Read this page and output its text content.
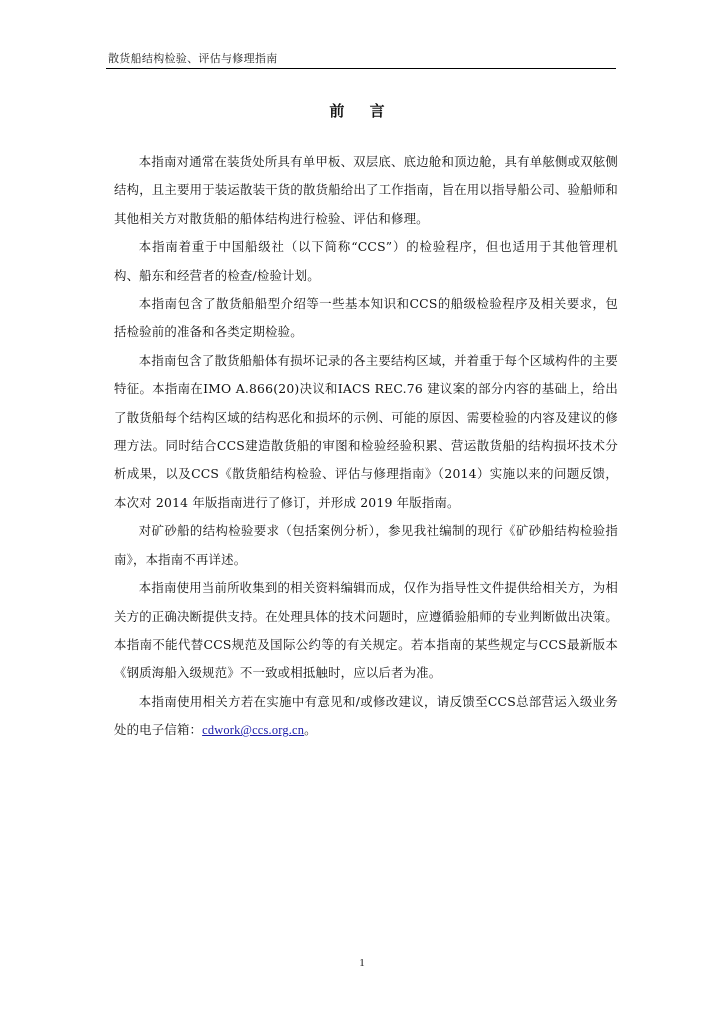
散货船结构检验、评估与修理指南
前 言

本指南对通常在装货处所具有单甲板、双层底、底边舱和顶边舱，具有单舷侧或双舷侧结构，且主要用于装运散装干货的散货船给出了工作指南，旨在用以指导船公司、验船师和其他相关方对散货船的船体结构进行检验、评估和修理。

本指南着重于中国船级社（以下简称“CCS”）的检验程序，但也适用于其他管理机构、船东和经营者的检查/检验计划。

本指南包含了散货船船型介绍等一些基本知识和CCS的船级检验程序及相关要求，包括检验前的准备和各类定期检验。

本指南包含了散货船船体有损坏记录的各主要结构区域，并着重于每个区域构件的主要特征。本指南在IMO A.866(20)决议和IACS REC.76 建议案的部分内容的基础上，给出了散货船每个结构区域的结构恶化和损坏的示例、可能的原因、需要检验的内容及建议的修理方法。同时结合CCS建造散货船的审图和检验经验积累、营运散货船的结构损坏技术分析成果，以及CCS《散货船结构检验、评估与修理指南》（2014）实施以来的问题反馈，本次对 2014 年版指南进行了修订，并形成 2019 年版指南。

对矿砂船的结构检验要求（包括案例分析），参见我社编制的现行《矿砂船结构检验指南》，本指南不再详述。

本指南使用当前所收集到的相关资料编辑而成，仅作为指导性文件提供给相关方，为相关方的正确决断提供支持。在处理具体的技术问题时，应遵循验船师的专业判断做出决策。本指南不能代替CCS规范及国际公约等的有关规定。若本指南的某些规定与CCS最新版本《钢质海船入级规范》不一致或相抵触时，应以后者为准。

本指南使用相关方若在实施中有意见和/或修改建议，请反馈至CCS总部营运入级业务处的电子信箱：cdwork@ccs.org.cn。

1
